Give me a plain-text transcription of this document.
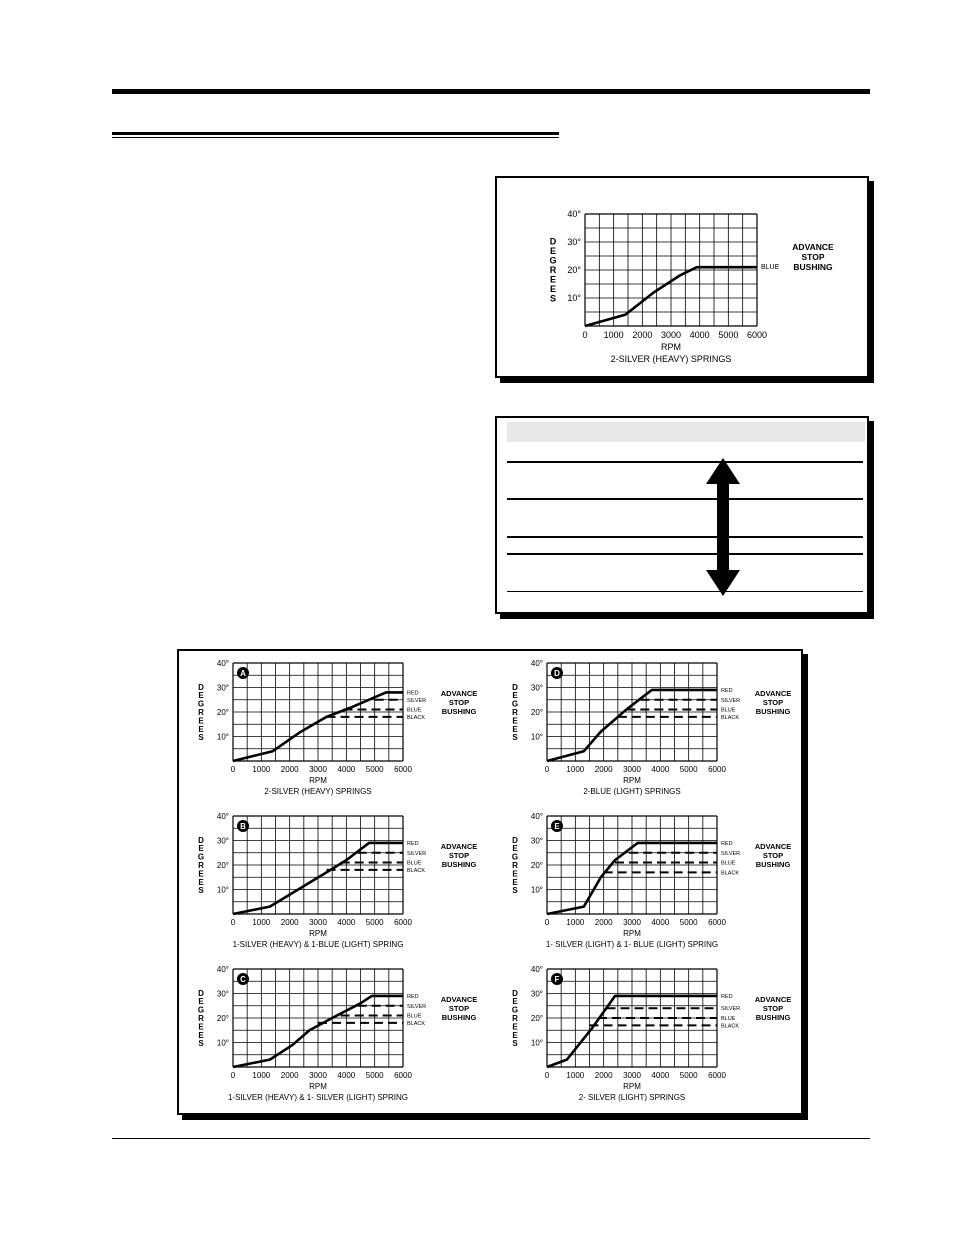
0 1000 2000 3000 4000 5000 6000
40°
30°
20°
10°
RPM
2-SILVER (HEAVY) SPRINGS
D E G R E E S
BLUE
ADVANCE
STOP
BUSHING
0 1000 2000 3000 4000 5000 6000
40°
30°
20°
10°
RPM
2-SILVER (HEAVY) SPRINGS
D E G R E E S
RED
SILVER
BLUE
BLACK
ADVANCE
STOP
BUSHING
A
0 1000 2000 3000 4000 5000 6000
40°
30°
20°
10°
RPM
2-BLUE (LIGHT) SPRINGS
D E G R E E S
RED
SILVER
BLUE
BLACK
ADVANCE
STOP
BUSHING
D
0 1000 2000 3000 4000 5000 6000
40°
30°
20°
10°
RPM
1-SILVER (HEAVY) & 1-BLUE (LIGHT) SPRING
D E G R E E S
RED
SILVER
BLUE
BLACK
ADVANCE
STOP
BUSHING
B
0 1000 2000 3000 4000 5000 6000
40°
30°
20°
10°
RPM
1- SILVER (LIGHT) & 1- BLUE (LIGHT) SPRING
D E G R E E S
RED
SILVER
BLUE
BLACK
ADVANCE
STOP
BUSHING
E
0 1000 2000 3000 4000 5000 6000
40°
30°
20°
10°
RPM
1-SILVER (HEAVY) & 1- SILVER (LIGHT) SPRING
D E G R E E S
RED
SILVER
BLUE
BLACK
ADVANCE
STOP
BUSHING
C
0 1000 2000 3000 4000 5000 6000
40°
30°
20°
10°
RPM
2- SILVER (LIGHT) SPRINGS
D E G R E E S
RED
SILVER
BLUE
BLACK
ADVANCE
STOP
BUSHING
F
